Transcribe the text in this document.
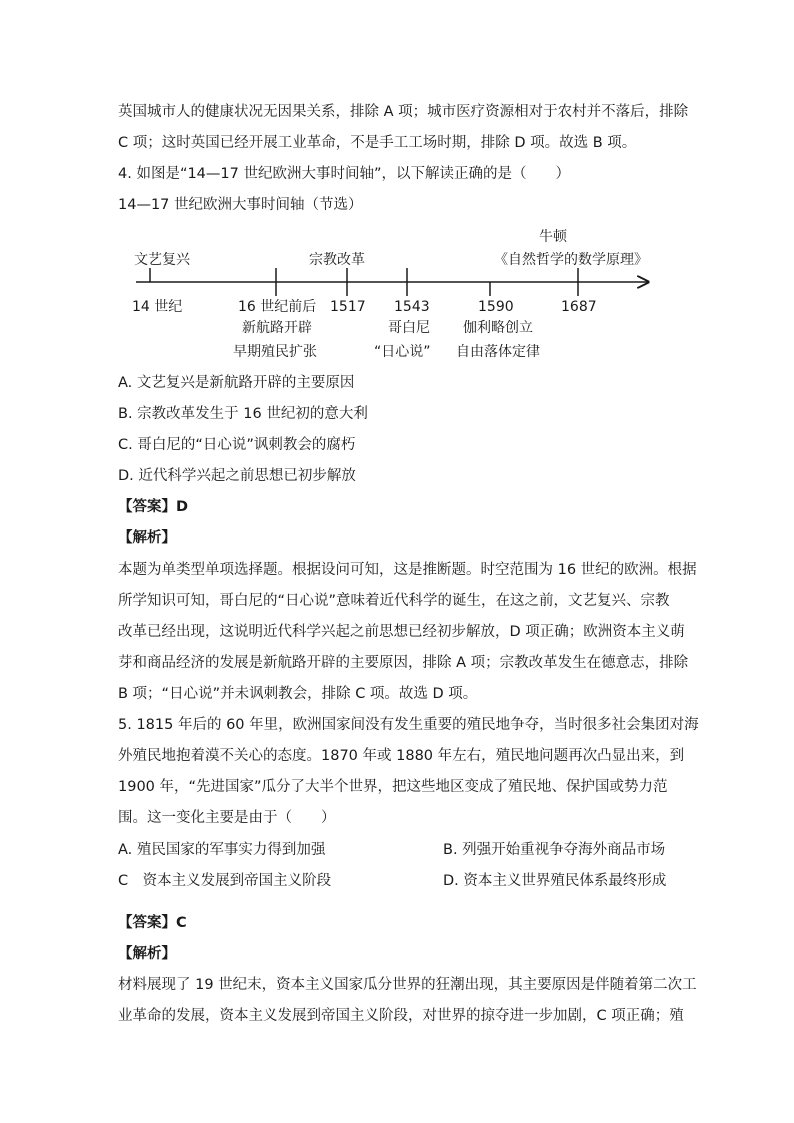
英国城市人的健康状况无因果关系，排除 A 项；城市医疗资源相对于农村并不落后，排除
C 项；这时英国已经开展工业革命，不是手工工场时期，排除 D 项。故选 B 项。
4. 如图是“14—17 世纪欧洲大事时间轴”，以下解读正确的是（　　）
14—17 世纪欧洲大事时间轴（节选）
文艺复兴	宗教改革
牛顿
《自然哲学的数学原理》
14 世纪	16 世纪前后 1517 1543	1590	1687
新航路开辟
早期殖民扩张
哥白尼
“日心说”
伽利略创立
自由落体定律
A. 文艺复兴是新航路开辟的主要原因
B. 宗教改革发生于 16 世纪初的意大利
C. 哥白尼的“日心说”讽刺教会的腐朽
D. 近代科学兴起之前思想已初步解放
【答案】D
【解析】
本题为单类型单项选择题。根据设问可知，这是推断题。时空范围为 16 世纪的欧洲。根据
所学知识可知，哥白尼的“日心说”意味着近代科学的诞生，在这之前，文艺复兴、宗教
改革已经出现，这说明近代科学兴起之前思想已经初步解放，D 项正确；欧洲资本主义萌
芽和商品经济的发展是新航路开辟的主要原因，排除 A 项；宗教改革发生在德意志，排除
B 项；“日心说”并未讽刺教会，排除 C 项。故选 D 项。
5. 1815 年后的 60 年里，欧洲国家间没有发生重要的殖民地争夺，当时很多社会集团对海
外殖民地抱着漠不关心的态度。1870 年或 1880 年左右，殖民地问题再次凸显出来，到
1900 年，“先进国家”瓜分了大半个世界，把这些地区变成了殖民地、保护国或势力范
围。这一变化主要是由于（　　）
A. 殖民国家的军事实力得到加强	B. 列强开始重视争夺海外商品市场
C　资本主义发展到帝国主义阶段	D. 资本主义世界殖民体系最终形成
【答案】C
【解析】
材料展现了 19 世纪末，资本主义国家瓜分世界的狂潮出现，其主要原因是伴随着第二次工
业革命的发展，资本主义发展到帝国主义阶段，对世界的掠夺进一步加剧，C 项正确；殖
